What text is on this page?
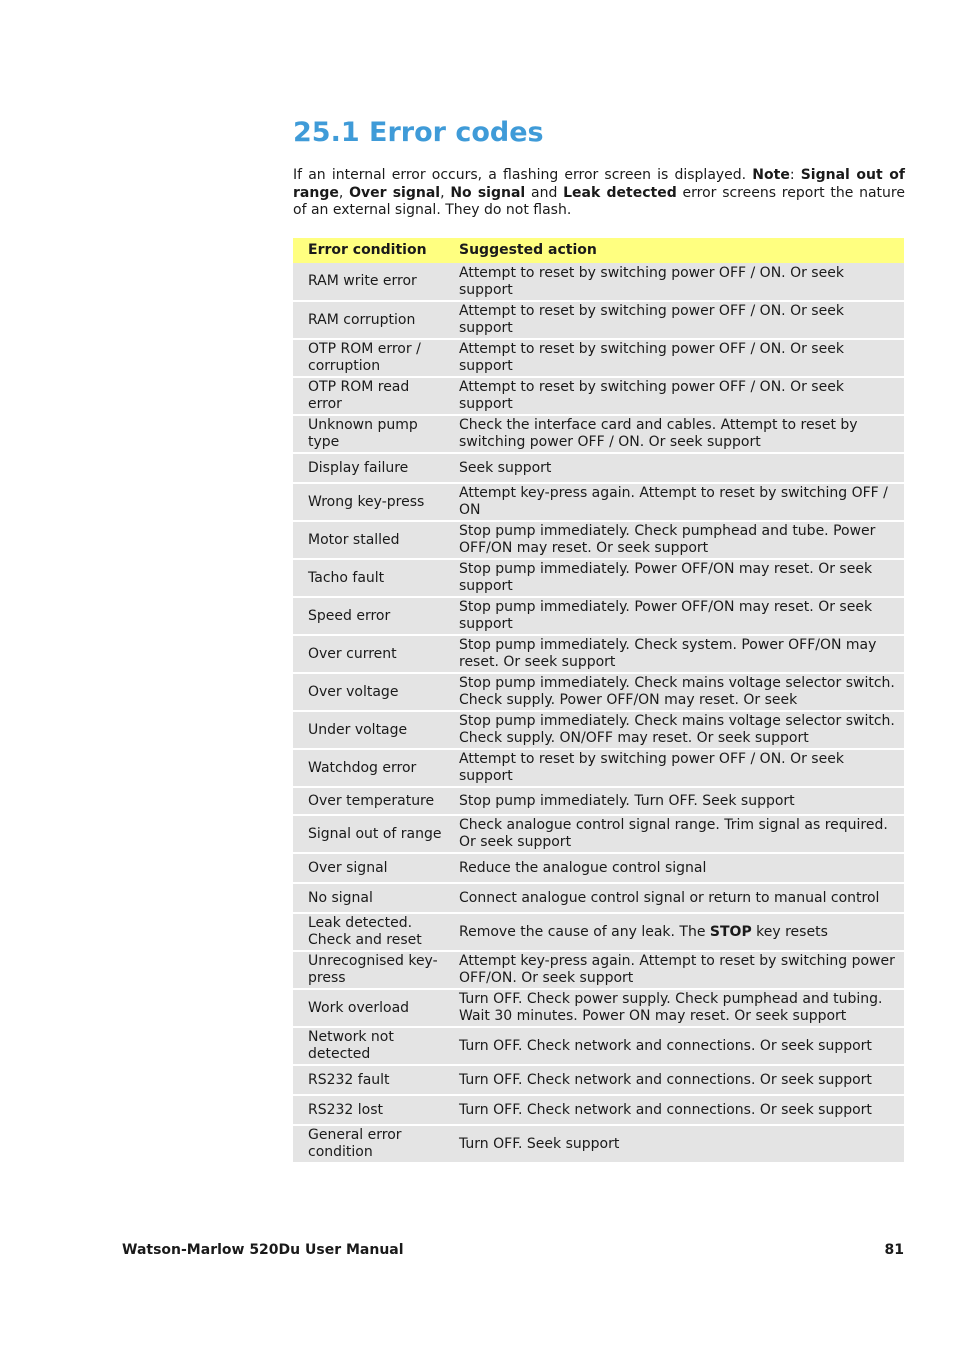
25.1 Error codes

If an internal error occurs, a flashing error screen is displayed. Note: Signal out of range, Over signal, No signal and Leak detected error screens report the nature of an external signal. They do not flash.

Error condition	Suggested action
RAM write error	Attempt to reset by switching power OFF / ON. Or seek support
RAM corruption	Attempt to reset by switching power OFF / ON. Or seek support
OTP ROM error / corruption	Attempt to reset by switching power OFF / ON. Or seek support
OTP ROM read error	Attempt to reset by switching power OFF / ON. Or seek support
Unknown pump type	Check the interface card and cables. Attempt to reset by switching power OFF / ON. Or seek support
Display failure	Seek support
Wrong key-press	Attempt key-press again. Attempt to reset by switching OFF / ON
Motor stalled	Stop pump immediately. Check pumphead and tube. Power OFF/ON may reset. Or seek support
Tacho fault	Stop pump immediately. Power OFF/ON may reset. Or seek support
Speed error	Stop pump immediately. Power OFF/ON may reset. Or seek support
Over current	Stop pump immediately. Check system. Power OFF/ON may reset. Or seek support
Over voltage	Stop pump immediately. Check mains voltage selector switch. Check supply. Power OFF/ON may reset. Or seek
Under voltage	Stop pump immediately. Check mains voltage selector switch. Check supply. ON/OFF may reset. Or seek support
Watchdog error	Attempt to reset by switching power OFF / ON. Or seek support
Over temperature	Stop pump immediately. Turn OFF. Seek support
Signal out of range	Check analogue control signal range. Trim signal as required. Or seek support
Over signal	Reduce the analogue control signal
No signal	Connect analogue control signal or return to manual control
Leak detected. Check and reset	Remove the cause of any leak. The STOP key resets
Unrecognised key-press	Attempt key-press again. Attempt to reset by switching power OFF/ON. Or seek support
Work overload	Turn OFF. Check power supply. Check pumphead and tubing. Wait 30 minutes. Power ON may reset. Or seek support
Network not detected	Turn OFF. Check network and connections. Or seek support
RS232 fault	Turn OFF. Check network and connections. Or seek support
RS232 lost	Turn OFF. Check network and connections. Or seek support
General error condition	Turn OFF. Seek support
Watson-Marlow 520Du User Manual	81
